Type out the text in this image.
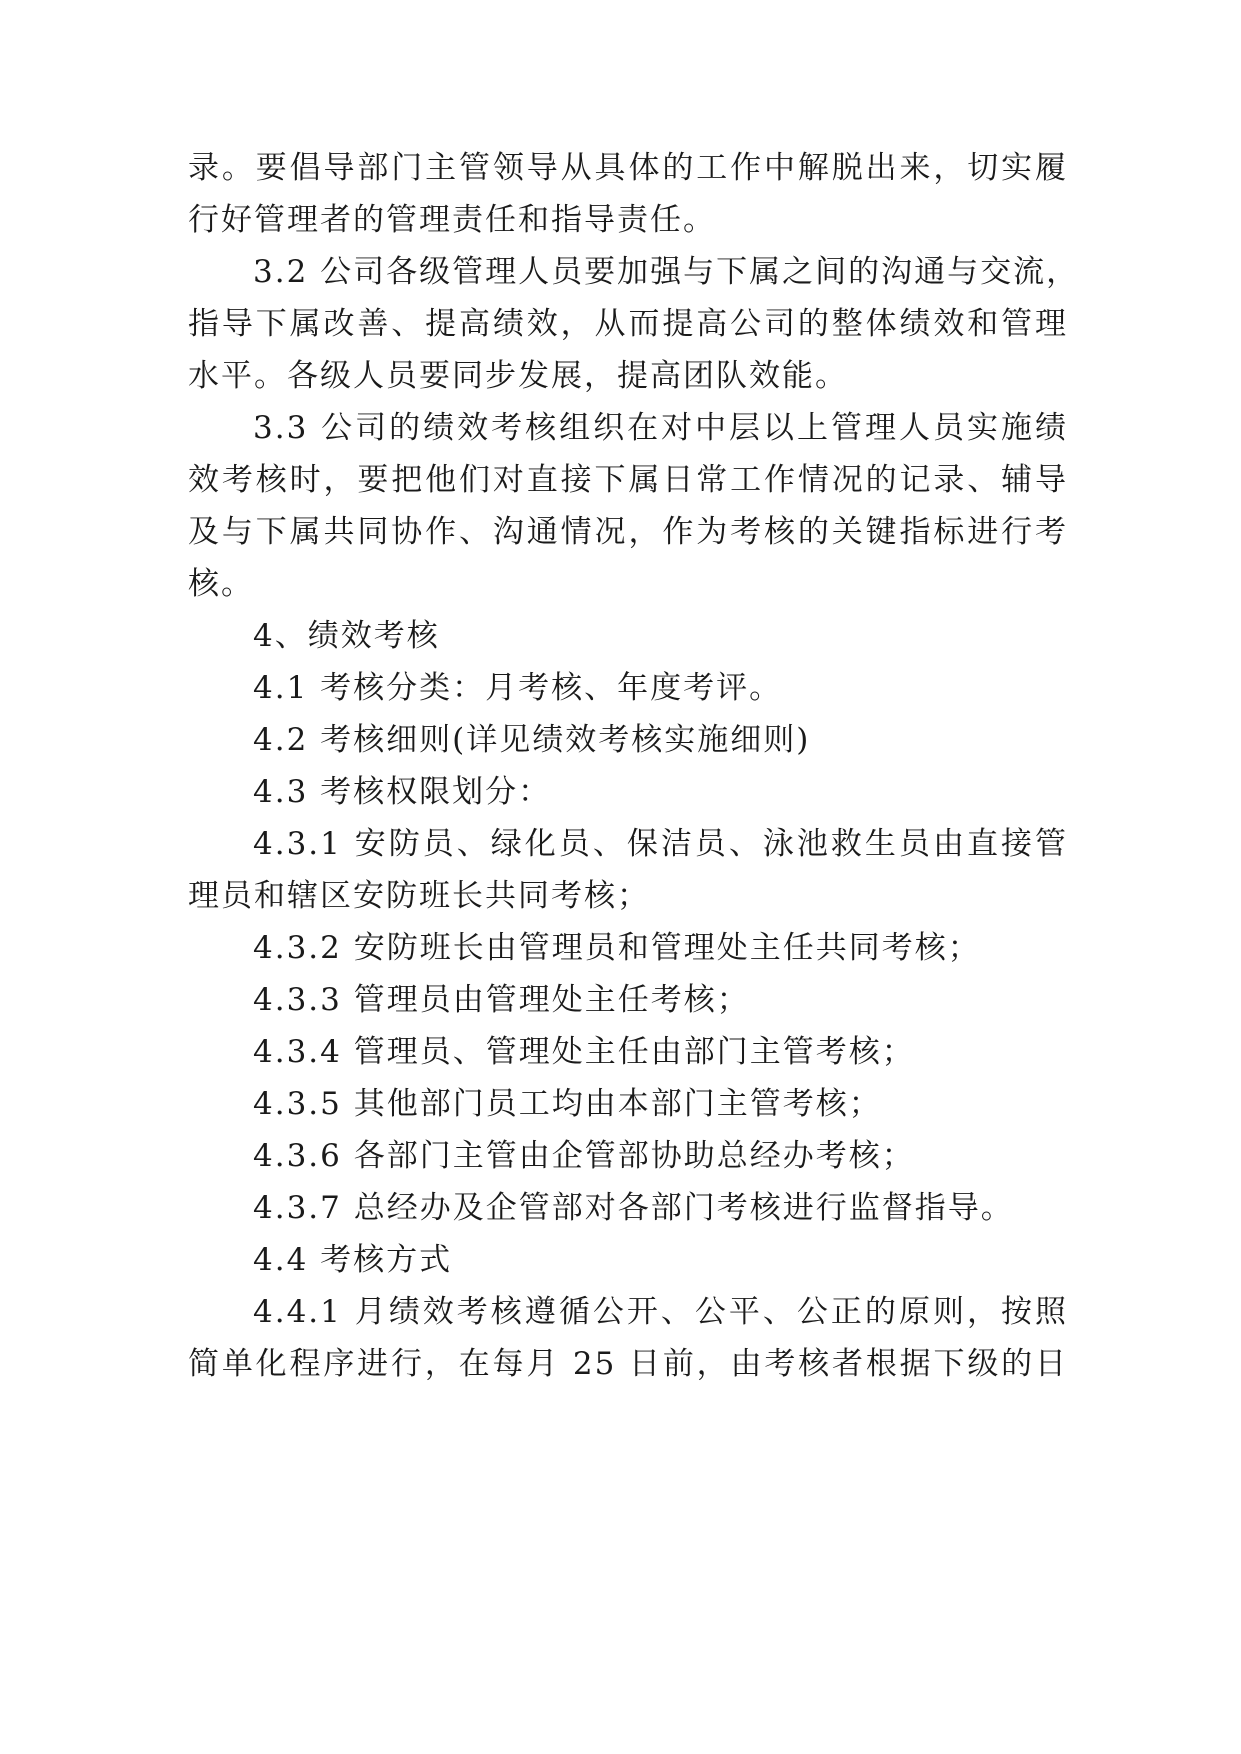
录。要倡导部门主管领导从具体的工作中解脱出来，切实履
行好管理者的管理责任和指导责任。
3.2 公司各级管理人员要加强与下属之间的沟通与交流，
指导下属改善、提高绩效，从而提高公司的整体绩效和管理
水平。各级人员要同步发展，提高团队效能。
3.3 公司的绩效考核组织在对中层以上管理人员实施绩
效考核时，要把他们对直接下属日常工作情况的记录、辅导
及与下属共同协作、沟通情况，作为考核的关键指标进行考
核。
4、绩效考核
4.1 考核分类：月考核、年度考评。
4.2 考核细则(详见绩效考核实施细则)
4.3 考核权限划分：
4.3.1 安防员、绿化员、保洁员、泳池救生员由直接管
理员和辖区安防班长共同考核；
4.3.2 安防班长由管理员和管理处主任共同考核；
4.3.3 管理员由管理处主任考核；
4.3.4 管理员、管理处主任由部门主管考核；
4.3.5 其他部门员工均由本部门主管考核；
4.3.6 各部门主管由企管部协助总经办考核；
4.3.7 总经办及企管部对各部门考核进行监督指导。
4.4 考核方式
4.4.1 月绩效考核遵循公开、公平、公正的原则，按照
简单化程序进行，在每月 25 日前，由考核者根据下级的日
